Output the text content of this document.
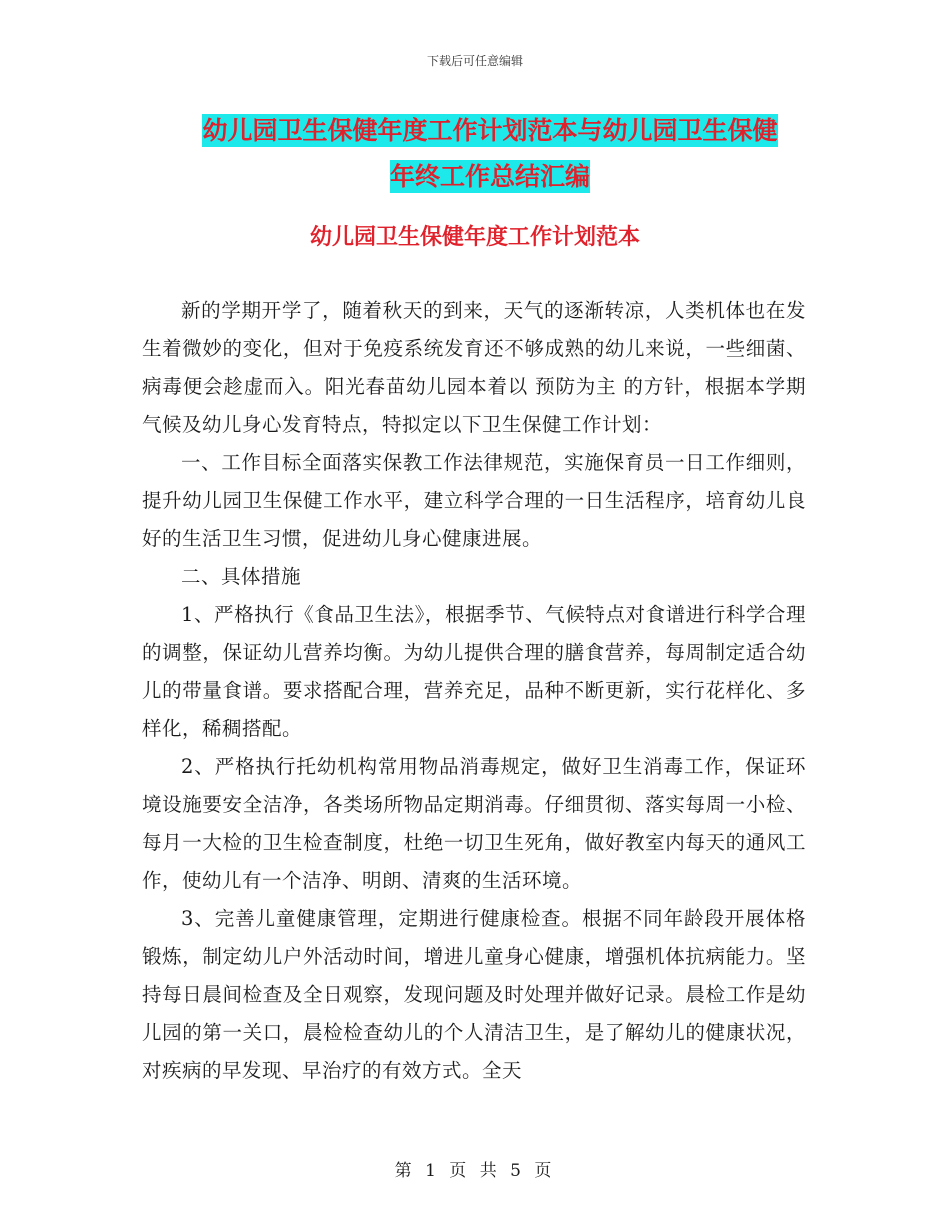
下载后可任意编辑
幼儿园卫生保健年度工作计划范本与幼儿园卫生保健
年终工作总结汇编
幼儿园卫生保健年度工作计划范本

新的学期开学了，随着秋天的到来，天气的逐渐转凉，人类机体也在发生着微妙的变化，但对于免疫系统发育还不够成熟的幼儿来说，一些细菌、病毒便会趁虚而入。阳光春苗幼儿园本着以 预防为主 的方针，根据本学期气候及幼儿身心发育特点，特拟定以下卫生保健工作计划：

一、工作目标全面落实保教工作法律规范，实施保育员一日工作细则，提升幼儿园卫生保健工作水平，建立科学合理的一日生活程序，培育幼儿良好的生活卫生习惯，促进幼儿身心健康进展。

二、具体措施

1、严格执行《食品卫生法》，根据季节、气候特点对食谱进行科学合理的调整，保证幼儿营养均衡。为幼儿提供合理的膳食营养，每周制定适合幼儿的带量食谱。要求搭配合理，营养充足，品种不断更新，实行花样化、多样化，稀稠搭配。

2、严格执行托幼机构常用物品消毒规定，做好卫生消毒工作，保证环境设施要安全洁净，各类场所物品定期消毒。仔细贯彻、落实每周一小检、每月一大检的卫生检查制度，杜绝一切卫生死角，做好教室内每天的通风工作，使幼儿有一个洁净、明朗、清爽的生活环境。

3、完善儿童健康管理，定期进行健康检查。根据不同年龄段开展体格锻炼，制定幼儿户外活动时间，增进儿童身心健康，增强机体抗病能力。坚持每日晨间检查及全日观察，发现问题及时处理并做好记录。晨检工作是幼儿园的第一关口，晨检检查幼儿的个人清洁卫生，是了解幼儿的健康状况，对疾病的早发现、早治疗的有效方式。全天

第 1 页 共 5 页
